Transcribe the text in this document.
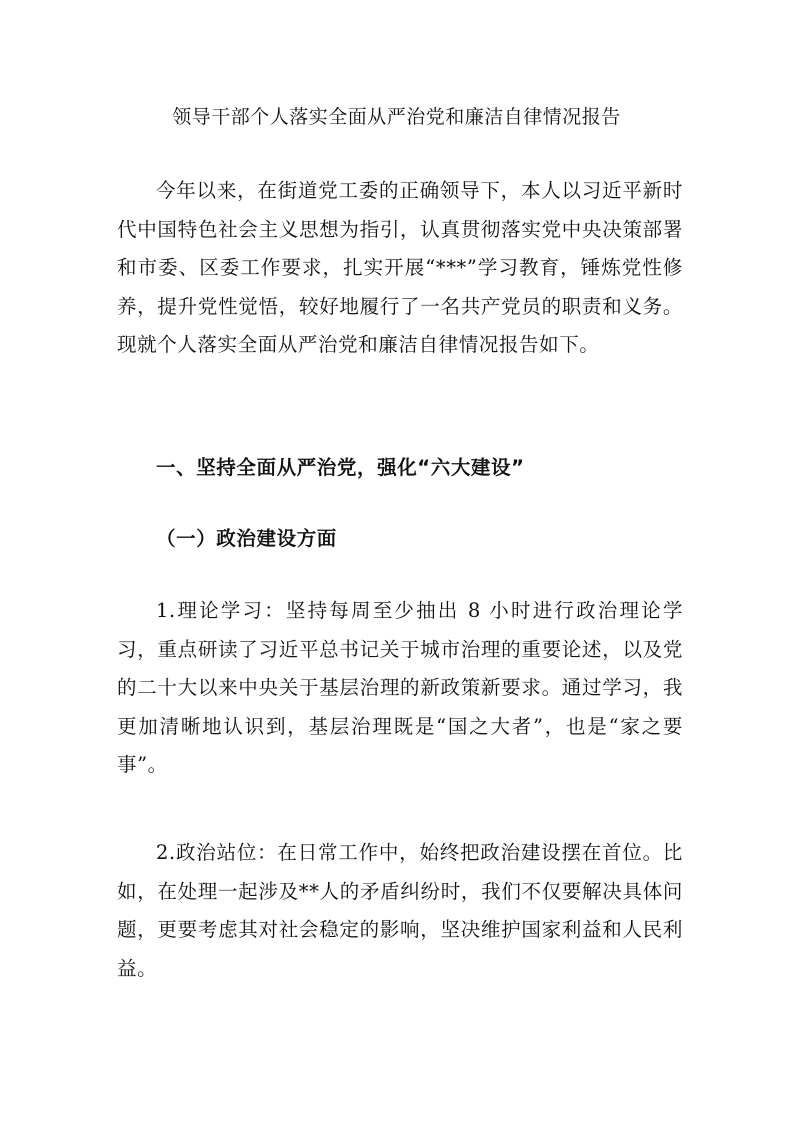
领导干部个人落实全面从严治党和廉洁自律情况报告

今年以来，在街道党工委的正确领导下，本人以习近平新时代中国特色社会主义思想为指引，认真贯彻落实党中央决策部署和市委、区委工作要求，扎实开展“***”学习教育，锤炼党性修养，提升党性觉悟，较好地履行了一名共产党员的职责和义务。现就个人落实全面从严治党和廉洁自律情况报告如下。

一、坚持全面从严治党，强化“六大建设”
（一）政治建设方面

1.理论学习：坚持每周至少抽出 8 小时进行政治理论学习，重点研读了习近平总书记关于城市治理的重要论述，以及党的二十大以来中央关于基层治理的新政策新要求。通过学习，我更加清晰地认识到，基层治理既是“国之大者”，也是“家之要事”。

2.政治站位：在日常工作中，始终把政治建设摆在首位。比如，在处理一起涉及**人的矛盾纠纷时，我们不仅要解决具体问题，更要考虑其对社会稳定的影响，坚决维护国家利益和人民利益。
